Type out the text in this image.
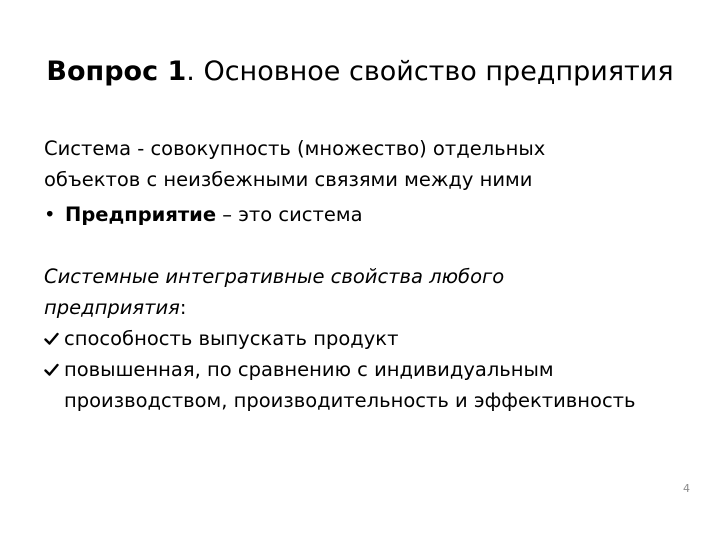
Вопрос 1. Основное свойство предприятия
Система - совокупность (множество) отдельных
объектов с неизбежными связями между ними
• Предприятие – это система
Системные интегративные свойства любого
предприятия:
способность выпускать продукт
повышенная, по сравнению с индивидуальным
производством, производительность и эффективность
4
